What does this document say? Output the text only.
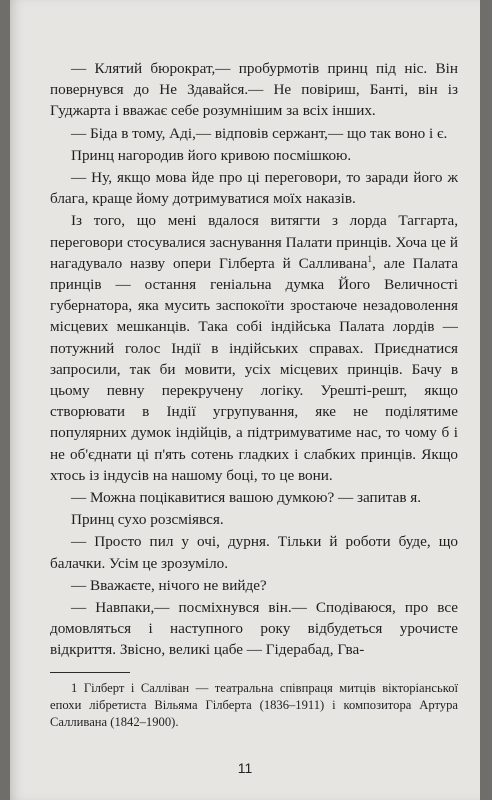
— Клятий бюрократ,— пробурмотів принц під ніс. Він повернувся до Не Здавайся.— Не повіриш, Банті, він із Гуджарта і вважає себе розумнішим за всіх інших.

— Біда в тому, Аді,— відповів сержант,— що так воно і є.

Принц нагородив його кривою посмішкою.

— Ну, якщо мова йде про ці переговори, то заради його ж блага, краще йому дотримуватися моїх наказів.

Із того, що мені вдалося витягти з лорда Таггарта, переговори стосувалися заснування Палати принців. Хоча це й нагадувало назву опери Гілберта й Салливана$^1$, але Палата принців — остання геніальна думка Його Величності губернатора, яка мусить заспокоїти зростаюче незадоволення місцевих мешканців. Така собі індійська Палата лордів — потужний голос Індії в індійських справах. Приєднатися запросили, так би мовити, усіх місцевих принців. Бачу в цьому певну перекручену логіку. Урешті-решт, якщо створювати в Індії угрупування, яке не поділятиме популярних думок індійців, а підтримуватиме нас, то чому б і не об'єднати ці п'ять сотень гладких і слабких принців. Якщо хтось із індусів на нашому боці, то це вони.

— Можна поцікавитися вашою думкою? — запитав я.

Принц сухо розсміявся.

— Просто пил у очі, дурня. Тільки й роботи буде, що балачки. Усім це зрозуміло.

— Вважаєте, нічого не вийде?

— Навпаки,— посміхнувся він.— Сподіваюся, про все домовляться і наступного року відбудеться урочисте відкриття. Звісно, великі цабе — Гідерабад, Гва-

1 Гілберт і Салліван — театральна співпраця митців вікторіанської епохи лібретиста Вільяма Гілберта (1836–1911) і композитора Артура Салливана (1842–1900).

11
